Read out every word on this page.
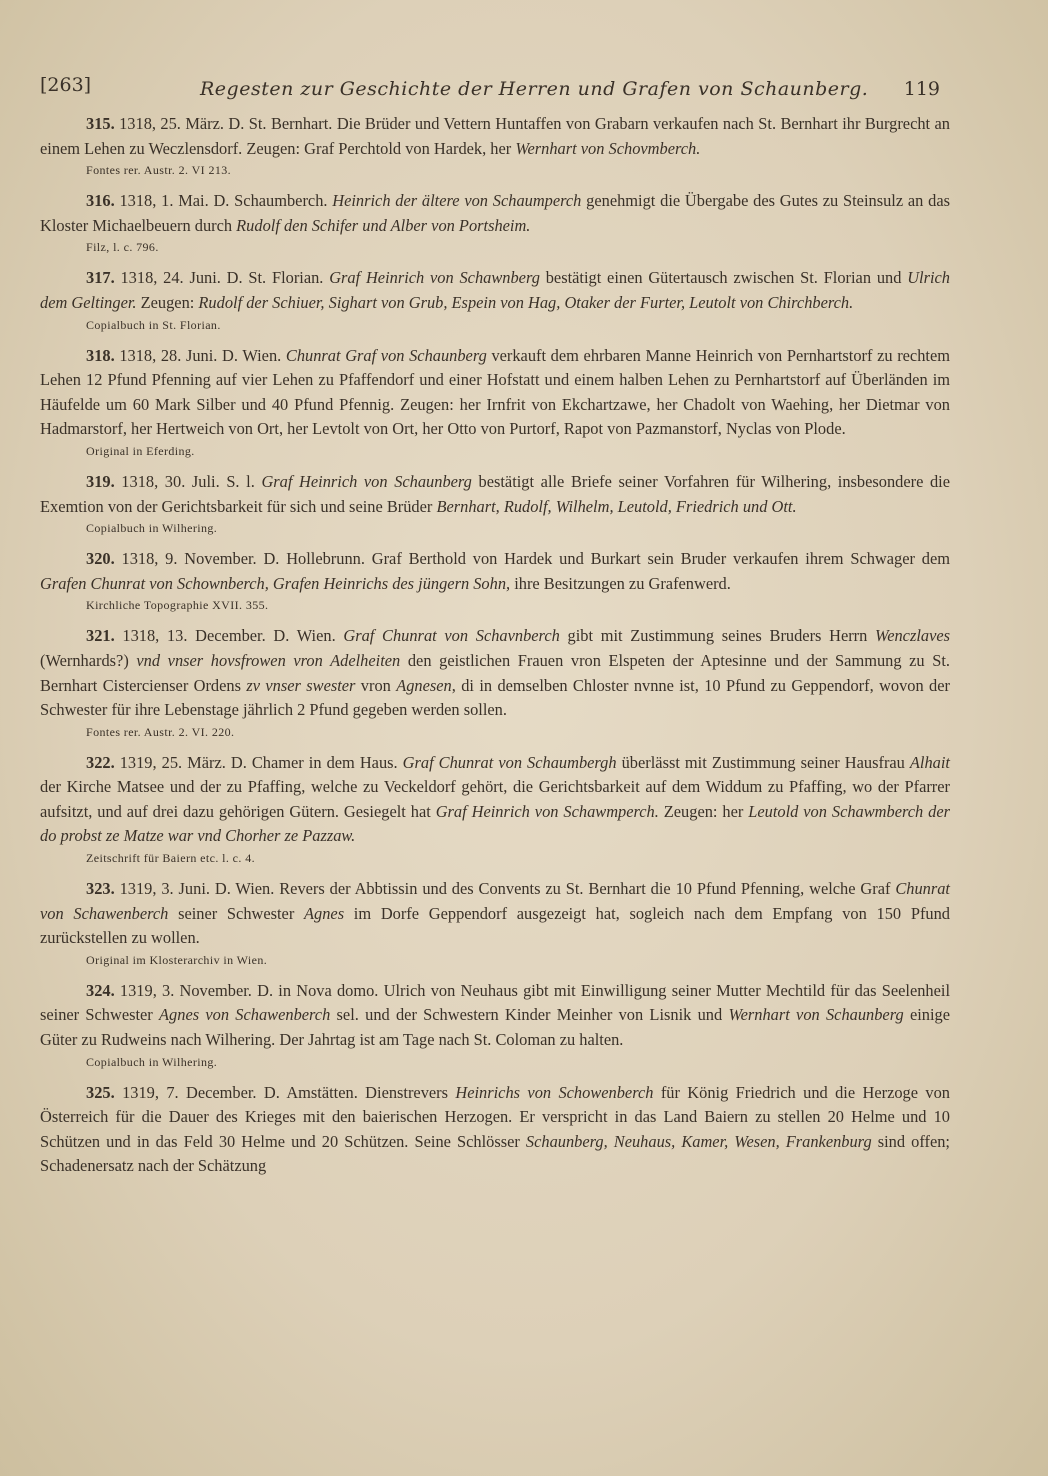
[263]	Regesten zur Geschichte der Herren und Grafen von Schaunberg. 119

315. 1318, 25. März. D. St. Bernhart. Die Brüder und Vettern Huntaffen von Grabarn verkaufen nach St. Bernhart ihr Burgrecht an einem Lehen zu Weczlensdorf. Zeugen: Graf Perchtold von Hardek, her Wernhart von Schovmberch.

Fontes rer. Austr. 2. VI 213.

316. 1318, 1. Mai. D. Schaumberch. Heinrich der ältere von Schaumperch genehmigt die Übergabe des Gutes zu Steinsulz an das Kloster Michaelbeuern durch Rudolf den Schifer und Alber von Portsheim.

Filz, l. c. 796.

317. 1318, 24. Juni. D. St. Florian. Graf Heinrich von Schawnberg bestätigt einen Gütertausch zwischen St. Florian und Ulrich dem Geltinger. Zeugen: Rudolf der Schiuer, Sighart von Grub, Espein von Hag, Otaker der Furter, Leutolt von Chirchberch.

Copialbuch in St. Florian.

318. 1318, 28. Juni. D. Wien. Chunrat Graf von Schaunberg verkauft dem ehrbaren Manne Heinrich von Pernhartstorf zu rechtem Lehen 12 Pfund Pfenning auf vier Lehen zu Pfaffendorf und einer Hofstatt und einem halben Lehen zu Pernhartstorf auf Überländen im Häufelde um 60 Mark Silber und 40 Pfund Pfennig. Zeugen: her Irnfrit von Ekchartzawe, her Chadolt von Waehing, her Dietmar von Hadmarstorf, her Hertweich von Ort, her Levtolt von Ort, her Otto von Purtorf, Rapot von Pazmanstorf, Nyclas von Plode.

Original in Eferding.

319. 1318, 30. Juli. S. l. Graf Heinrich von Schaunberg bestätigt alle Briefe seiner Vorfahren für Wilhering, insbesondere die Exemtion von der Gerichtsbarkeit für sich und seine Brüder Bernhart, Rudolf, Wilhelm, Leutold, Friedrich und Ott.

Copialbuch in Wilhering.

320. 1318, 9. November. D. Hollebrunn. Graf Berthold von Hardek und Burkart sein Bruder verkaufen ihrem Schwager dem Grafen Chunrat von Schownberch, Grafen Heinrichs des jüngern Sohn, ihre Besitzungen zu Grafenwerd.

Kirchliche Topographie XVII. 355.

321. 1318, 13. December. D. Wien. Graf Chunrat von Schavnberch gibt mit Zustimmung seines Bruders Herrn Wenczlaves (Wernhards?) vnd vnser hovsfrowen vron Adelheiten den geistlichen Frauen vron Elspeten der Aptesinne und der Sammung zu St. Bernhart Cistercienser Ordens zv vnser swester vron Agnesen, di in demselben Chloster nvnne ist, 10 Pfund zu Geppendorf, wovon der Schwester für ihre Lebenstage jährlich 2 Pfund gegeben werden sollen.

Fontes rer. Austr. 2. VI. 220.

322. 1319, 25. März. D. Chamer in dem Haus. Graf Chunrat von Schaumbergh überlässt mit Zustimmung seiner Hausfrau Alhait der Kirche Matsee und der zu Pfaffing, welche zu Veckeldorf gehört, die Gerichtsbarkeit auf dem Widdum zu Pfaffing, wo der Pfarrer aufsitzt, und auf drei dazu gehörigen Gütern. Gesiegelt hat Graf Heinrich von Schawmperch. Zeugen: her Leutold von Schawmberch der do probst ze Matze war vnd Chorher ze Pazzaw.

Zeitschrift für Baiern etc. l. c. 4.

323. 1319, 3. Juni. D. Wien. Revers der Abbtissin und des Convents zu St. Bernhart die 10 Pfund Pfenning, welche Graf Chunrat von Schawenberch seiner Schwester Agnes im Dorfe Geppendorf ausgezeigt hat, sogleich nach dem Empfang von 150 Pfund zurückstellen zu wollen.

Original im Klosterarchiv in Wien.

324. 1319, 3. November. D. in Nova domo. Ulrich von Neuhaus gibt mit Einwilligung seiner Mutter Mechtild für das Seelenheil seiner Schwester Agnes von Schawenberch sel. und der Schwestern Kinder Meinher von Lisnik und Wernhart von Schaunberg einige Güter zu Rudweins nach Wilhering. Der Jahrtag ist am Tage nach St. Coloman zu halten.

Copialbuch in Wilhering.

325. 1319, 7. December. D. Amstätten. Dienstrevers Heinrichs von Schowenberch für König Friedrich und die Herzoge von Österreich für die Dauer des Krieges mit den baierischen Herzogen. Er verspricht in das Land Baiern zu stellen 20 Helme und 10 Schützen und in das Feld 30 Helme und 20 Schützen. Seine Schlösser Schaunberg, Neuhaus, Kamer, Wesen, Frankenburg sind offen; Schadenersatz nach der Schätzung
